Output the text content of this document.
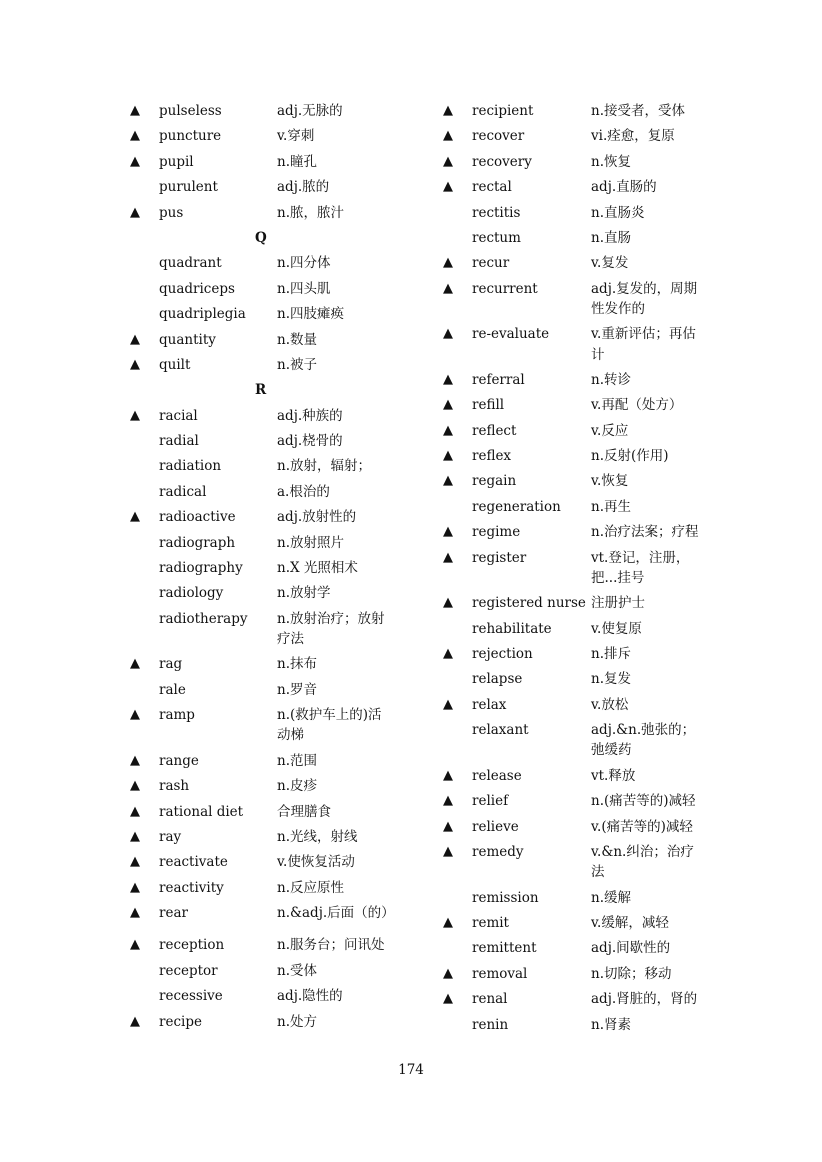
▲	pulseless	adj.无脉的
▲	puncture	v.穿刺
▲	pupil	n.瞳孔
purulent	adj.脓的
▲	pus	n.脓，脓汁
Q
quadrant	n.四分体
quadriceps	n.四头肌
quadriplegia	n.四肢瘫痪
▲	quantity	n.数量
▲	quilt	n.被子
R
▲	racial	adj.种族的
radial	adj.桡骨的
radiation	n.放射，辐射；
radical	a.根治的
▲	radioactive	adj.放射性的
radiograph	n.放射照片
radiography	n.X 光照相术
radiology	n.放射学
radiotherapy	n.放射治疗；放射疗法
▲	rag	n.抹布
rale	n.罗音
▲	ramp	n.(救护车上的)活动梯
▲	range	n.范围
▲	rash	n.皮疹
▲	rational diet	合理膳食
▲	ray	n.光线，射线
▲	reactivate	v.使恢复活动
▲	reactivity	n.反应原性
▲	rear	n.&adj.后面（的）
▲	reception	n.服务台；问讯处
receptor	n.受体
recessive	adj.隐性的
▲	recipe	n.处方
▲	recipient	n.接受者，受体
▲	recover	vi.痊愈，复原
▲	recovery	n.恢复
▲	rectal	adj.直肠的
rectitis	n.直肠炎
rectum	n.直肠
▲	recur	v.复发
▲	recurrent	adj.复发的，周期性发作的
▲	re-evaluate	v.重新评估；再估计
▲	referral	n.转诊
▲	refill	v.再配（处方）
▲	reflect	v.反应
▲	reflex	n.反射(作用)
▲	regain	v.恢复
regeneration	n.再生
▲	regime	n.治疗法案；疗程
▲	register	vt.登记，注册，把...挂号
▲	registered nurse 注册护士
rehabilitate	v.使复原
▲	rejection	n.排斥
relapse	n.复发
▲	relax	v.放松
relaxant	adj.&n.弛张的；弛缓药
▲	release	vt.释放
▲	relief	n.(痛苦等的)减轻
▲	relieve	v.(痛苦等的)减轻
▲	remedy	v.&n.纠治；治疗法
remission	n.缓解
▲	remit	v.缓解，减轻
remittent	adj.间歇性的
▲	removal	n.切除；移动
▲	renal	adj.肾脏的，肾的
renin	n.肾素
174
